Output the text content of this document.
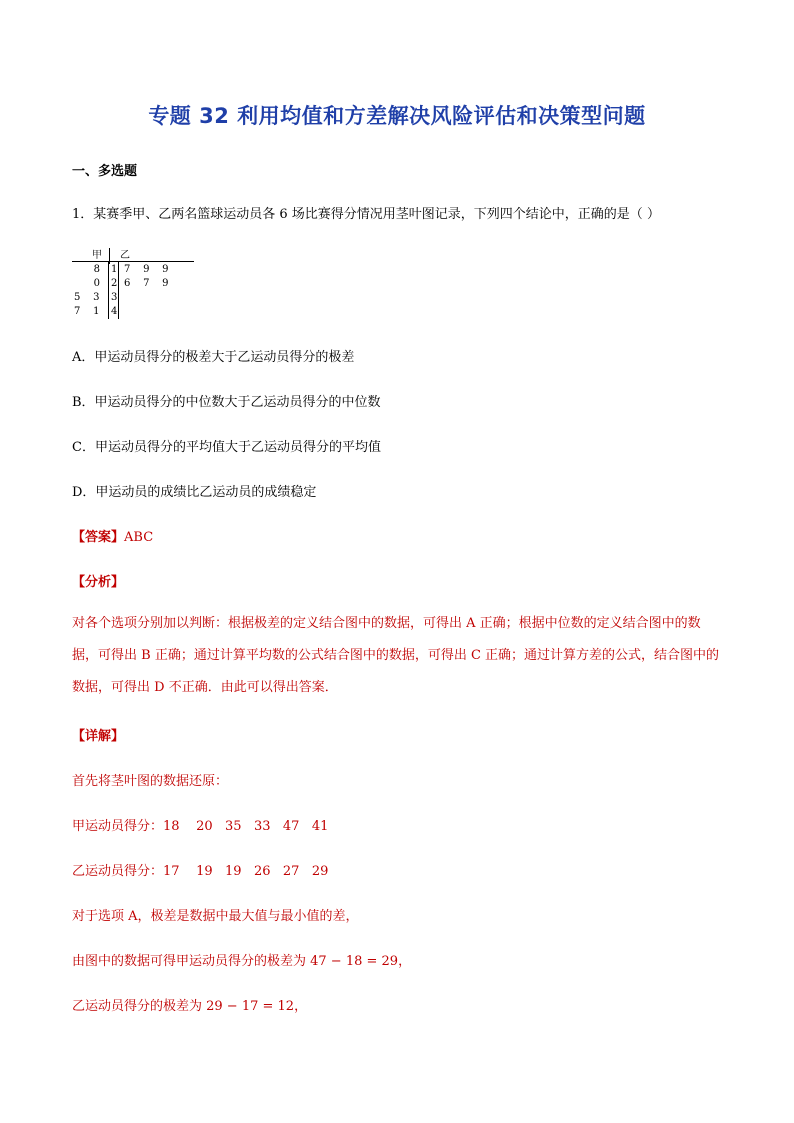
专题 32 利用均值和方差解决风险评估和决策型问题
一、多选题
1．某赛季甲、乙两名篮球运动员各 6 场比赛得分情况用茎叶图记录，下列四个结论中，正确的是（ ）
甲 乙
8 1 7    9    9
0 2 6    7    9
5    3 3
7    1 4
A．甲运动员得分的极差大于乙运动员得分的极差
B．甲运动员得分的中位数大于乙运动员得分的中位数
C．甲运动员得分的平均值大于乙运动员得分的平均值
D．甲运动员的成绩比乙运动员的成绩稳定
【答案】ABC
【分析】
对各个选项分别加以判断：根据极差的定义结合图中的数据，可得出 A 正确；根据中位数的定义结合图中的数据，可得出 B 正确；通过计算平均数的公式结合图中的数据，可得出 C 正确；通过计算方差的公式，结合图中的数据，可得出 D 不正确．由此可以得出答案．
【详解】
首先将茎叶图的数据还原：
甲运动员得分：18    20   35   33   47   41
乙运动员得分：17    19   19   26   27   29
对于选项 A，极差是数据中最大值与最小值的差，
由图中的数据可得甲运动员得分的极差为 47 − 18 = 29，
乙运动员得分的极差为 29 − 17 = 12，
